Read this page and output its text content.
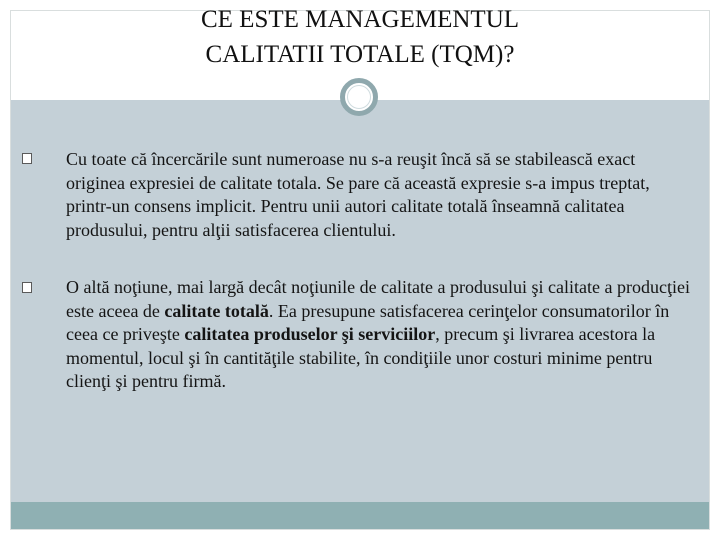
CE ESTE MANAGEMENTUL
CALITATII TOTALE (TQM)?
Cu toate că încercările sunt numeroase nu s-a reuşit încă să se stabilească exact originea expresiei de calitate totala. Se pare că această expresie s-a impus treptat, printr-un consens implicit. Pentru unii autori calitate totală înseamnă calitatea produsului, pentru alţii satisfacerea clientului.
O altă noţiune, mai largă decât noţiunile de calitate a produsului şi calitate a producţiei este aceea de calitate totală. Ea presupune satisfacerea cerinţelor consumatorilor în ceea ce priveşte calitatea produselor şi serviciilor, precum şi livrarea acestora la momentul, locul şi în cantităţile stabilite, în condiţiile unor costuri minime pentru clienţi şi pentru firmă.
